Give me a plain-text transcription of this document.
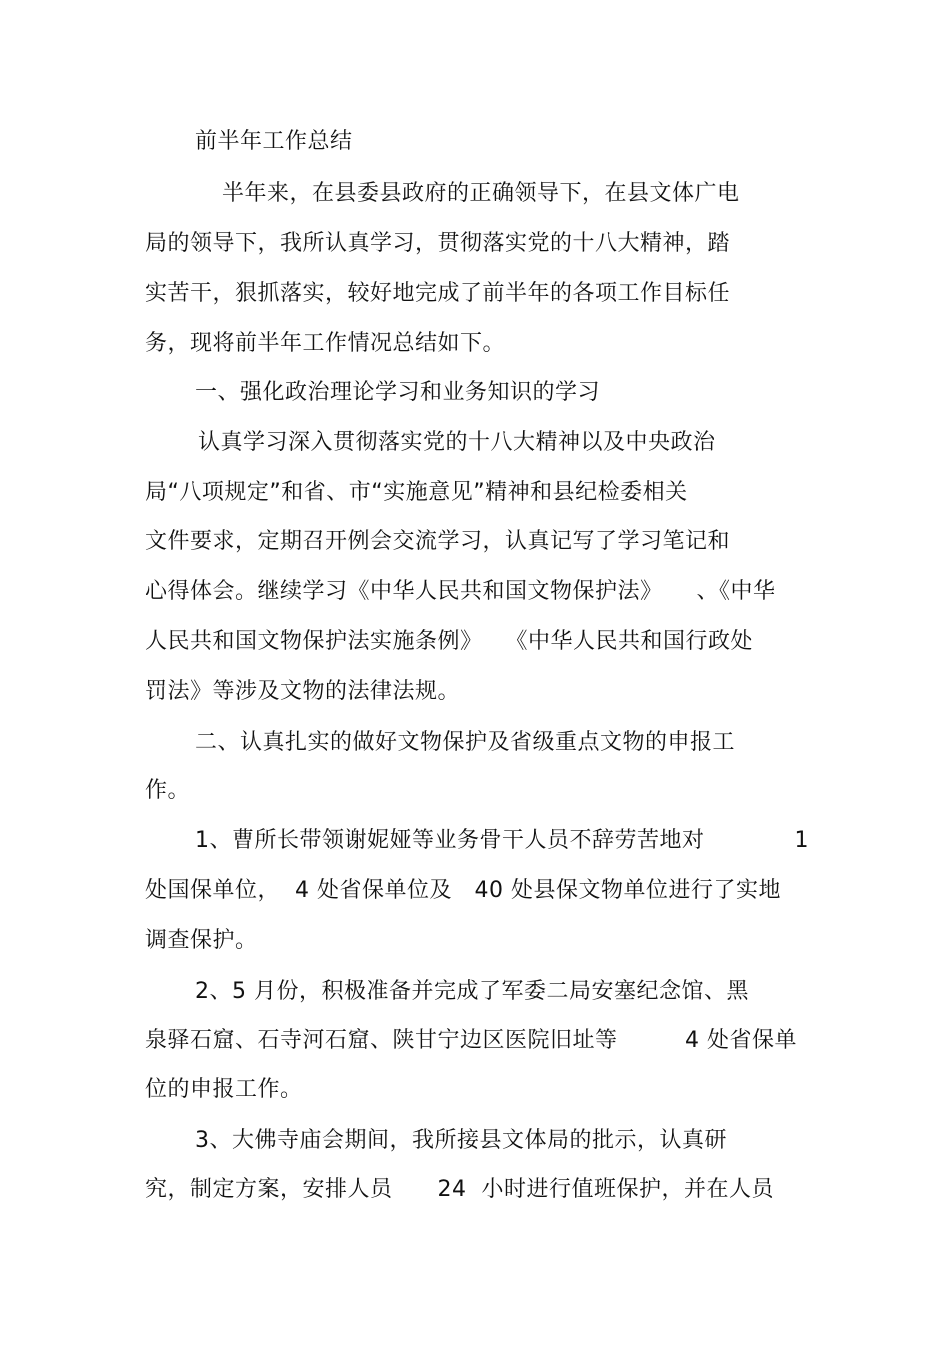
前半年工作总结
半年来，在县委县政府的正确领导下，在县文体广电
局的领导下，我所认真学习，贯彻落实党的十八大精神，踏
实苦干，狠抓落实，较好地完成了前半年的各项工作目标任
务，现将前半年工作情况总结如下。
一、强化政治理论学习和业务知识的学习
认真学习深入贯彻落实党的十八大精神以及中央政治
局“八项规定”和省、市“实施意见”精神和县纪检委相关
文件要求，定期召开例会交流学习，认真记写了学习笔记和
心得体会。继续学习《中华人民共和国文物保护法》　　、《中华
人民共和国文物保护法实施条例》　　《中华人民共和国行政处
罚法》等涉及文物的法律法规。
二、认真扎实的做好文物保护及省级重点文物的申报工
作。
1、曹所长带领谢妮娅等业务骨干人员不辞劳苦地对　　　　1
处国保单位，  4 处省保单位及   40 处县保文物单位进行了实地
调查保护。
2、5 月份，积极准备并完成了军委二局安塞纪念馆、黑
泉驿石窟、石寺河石窟、陕甘宁边区医院旧址等　　　4 处省保单
位的申报工作。
3、大佛寺庙会期间，我所接县文体局的批示，认真研
究，制定方案，安排人员　　24  小时进行值班保护，并在人员
